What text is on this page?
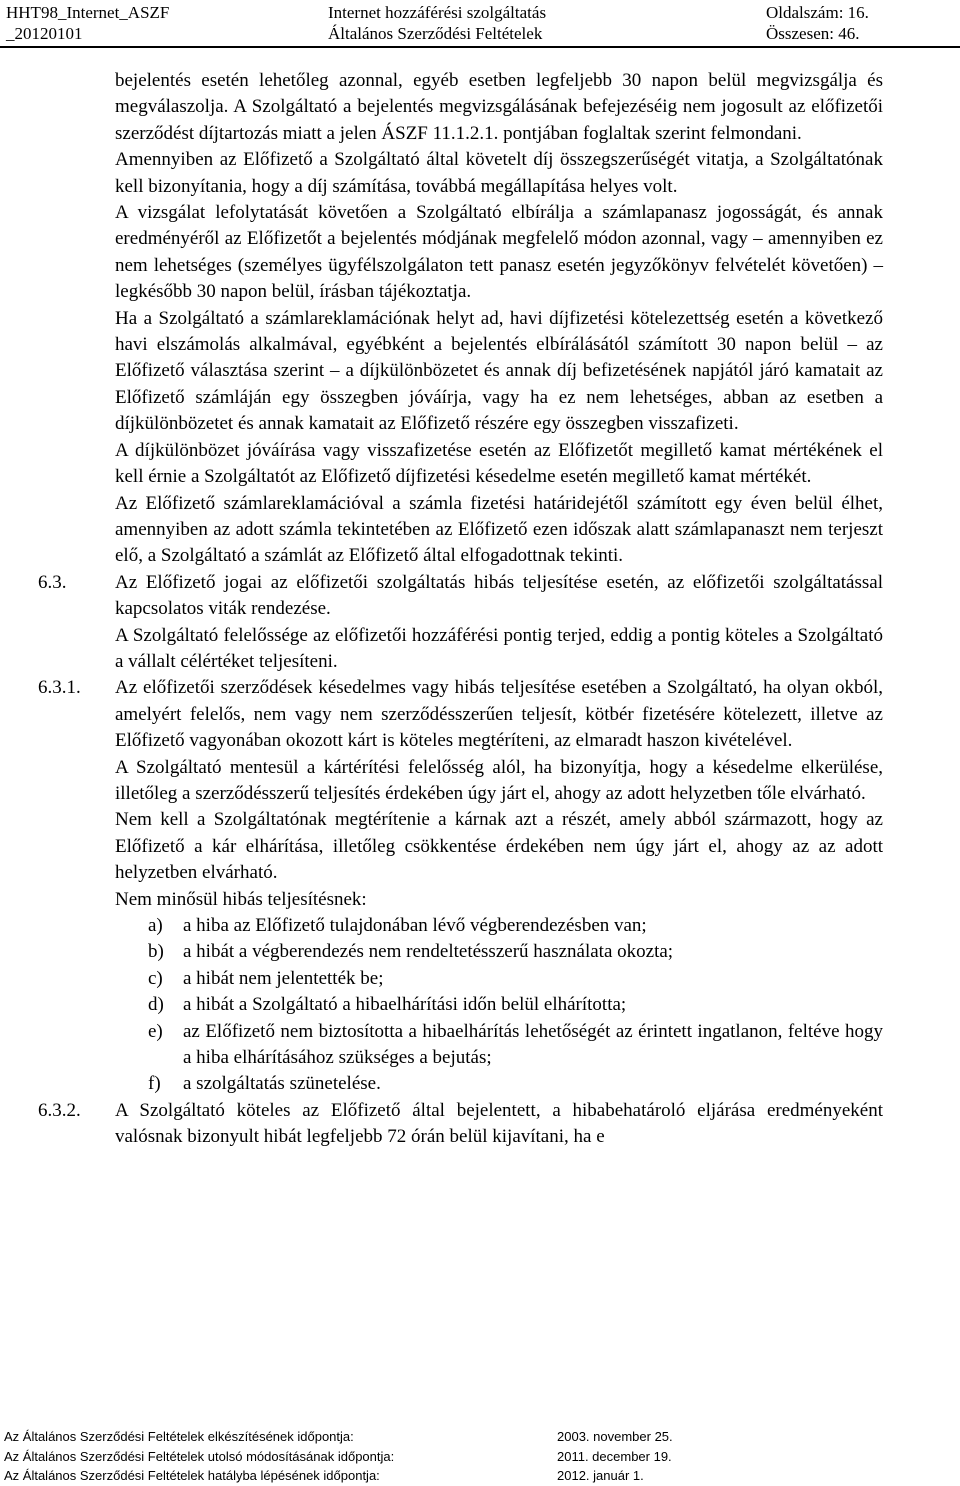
HHT98_Internet_ASZF
_20120101
Internet hozzáférési szolgáltatás
Általános Szerződési Feltételek
Oldalszám: 16.
Összesen: 46.

bejelentés esetén lehetőleg azonnal, egyéb esetben legfeljebb 30 napon belül megvizsgálja és megválaszolja. A Szolgáltató a bejelentés megvizsgálásának befejezéséig nem jogosult az előfizetői szerződést díjtartozás miatt a jelen ÁSZF 11.1.2.1. pontjában foglaltak szerint felmondani.

Amennyiben az Előfizető a Szolgáltató által követelt díj összegszerűségét vitatja, a Szolgáltatónak kell bizonyítania, hogy a díj számítása, továbbá megállapítása helyes volt.

A vizsgálat lefolytatását követően a Szolgáltató elbírálja a számlapanasz jogosságát, és annak eredményéről az Előfizetőt a bejelentés módjának megfelelő módon azonnal, vagy – amennyiben ez nem lehetséges (személyes ügyfélszolgálaton tett panasz esetén jegyzőkönyv felvételét követően) – legkésőbb 30 napon belül, írásban tájékoztatja.

Ha a Szolgáltató a számlareklamációnak helyt ad, havi díjfizetési kötelezettség esetén a következő havi elszámolás alkalmával, egyébként a bejelentés elbírálásától számított 30 napon belül – az Előfizető választása szerint – a díjkülönbözetet és annak díj befizetésének napjától járó kamatait az Előfizető számláján egy összegben jóváírja, vagy ha ez nem lehetséges, abban az esetben a díjkülönbözetet és annak kamatait az Előfizető részére egy összegben visszafizeti.

A díjkülönbözet jóváírása vagy visszafizetése esetén az Előfizetőt megillető kamat mértékének el kell érnie a Szolgáltatót az Előfizető díjfizetési késedelme esetén megillető kamat mértékét.

Az Előfizető számlareklamációval a számla fizetési határidejétől számított egy éven belül élhet, amennyiben az adott számla tekintetében az Előfizető ezen időszak alatt számlapanaszt nem terjeszt elő, a Szolgáltató a számlát az Előfizető által elfogadottnak tekinti.

6.3.	Az Előfizető jogai az előfizetői szolgáltatás hibás teljesítése esetén, az előfizetői szolgáltatással kapcsolatos viták rendezése.

A Szolgáltató felelőssége az előfizetői hozzáférési pontig terjed, eddig a pontig köteles a Szolgáltató a vállalt célértéket teljesíteni.

6.3.1. Az előfizetői szerződések késedelmes vagy hibás teljesítése esetében a Szolgáltató, ha olyan okból, amelyért felelős, nem vagy nem szerződésszerűen teljesít, kötbér fizetésére kötelezett, illetve az Előfizető vagyonában okozott kárt is köteles megtéríteni, az elmaradt haszon kivételével.

A Szolgáltató mentesül a kártérítési felelősség alól, ha bizonyítja, hogy a késedelme elkerülése, illetőleg a szerződésszerű teljesítés érdekében úgy járt el, ahogy az adott helyzetben tőle elvárható.

Nem kell a Szolgáltatónak megtérítenie a kárnak azt a részét, amely abból származott, hogy az Előfizető a kár elhárítása, illetőleg csökkentése érdekében nem úgy járt el, ahogy az az adott helyzetben elvárható.

Nem minősül hibás teljesítésnek:

a) a hiba az Előfizető tulajdonában lévő végberendezésben van;

b) a hibát a végberendezés nem rendeltetésszerű használata okozta;

c) a hibát nem jelentették be;

d) a hibát a Szolgáltató a hibaelhárítási időn belül elhárította;

e) az Előfizető nem biztosította a hibaelhárítás lehetőségét az érintett ingatlanon, feltéve hogy a hiba elhárításához szükséges a bejutás;

f) a szolgáltatás szünetelése.

6.3.2. A Szolgáltató köteles az Előfizető által bejelentett, a hibabehatároló eljárása eredményeként valósnak bizonyult hibát legfeljebb 72 órán belül kijavítani, ha e

Az Általános Szerződési Feltételek elkészítésének időpontja:	2003. november 25.
Az Általános Szerződési Feltételek utolsó módosításának időpontja:	2011. december 19.
Az Általános Szerződési Feltételek hatályba lépésének időpontja:	2012. január 1.
